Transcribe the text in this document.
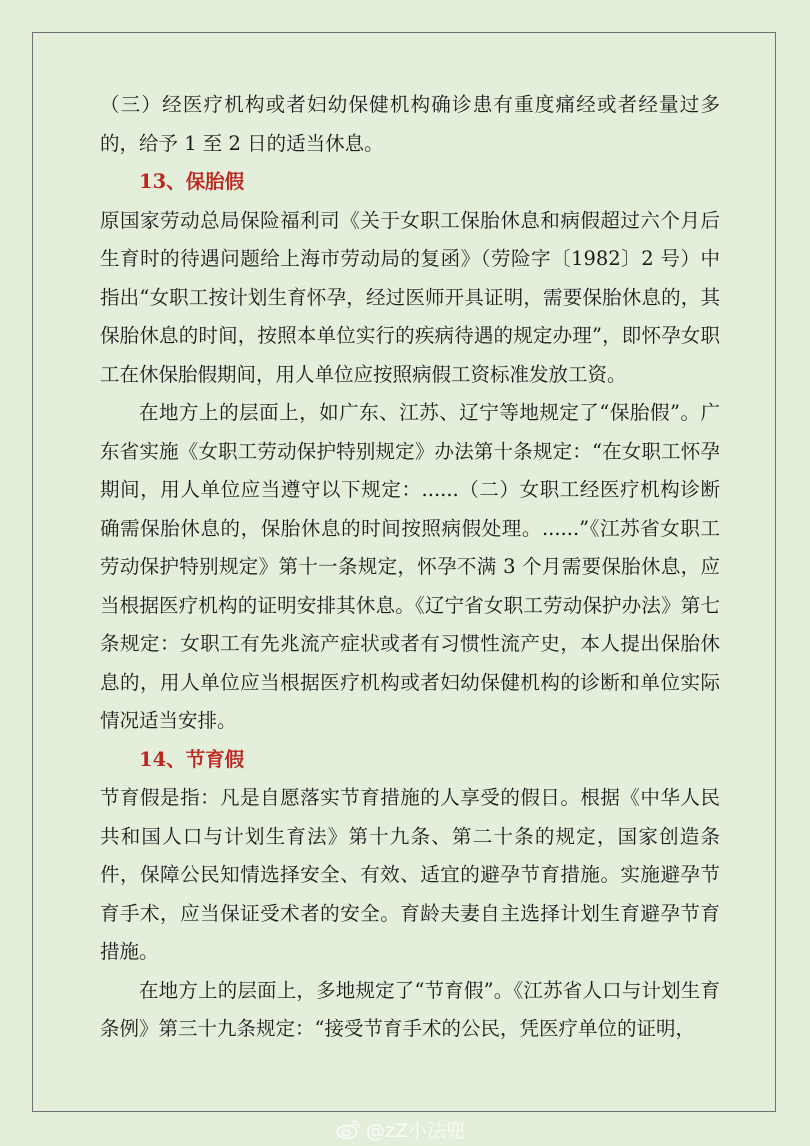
（三）经医疗机构或者妇幼保健机构确诊患有重度痛经或者经量过多的，给予 1 至 2 日的适当休息。

13、保胎假

原国家劳动总局保险福利司《关于女职工保胎休息和病假超过六个月后生育时的待遇问题给上海市劳动局的复函》（劳险字〔1982〕2 号）中指出“女职工按计划生育怀孕，经过医师开具证明，需要保胎休息的，其保胎休息的时间，按照本单位实行的疾病待遇的规定办理”，即怀孕女职工在休保胎假期间，用人单位应按照病假工资标准发放工资。

在地方上的层面上，如广东、江苏、辽宁等地规定了“保胎假”。广东省实施《女职工劳动保护特别规定》办法第十条规定：“在女职工怀孕期间，用人单位应当遵守以下规定：......（二）女职工经医疗机构诊断确需保胎休息的，保胎休息的时间按照病假处理。......”《江苏省女职工劳动保护特别规定》第十一条规定，怀孕不满 3 个月需要保胎休息，应当根据医疗机构的证明安排其休息。《辽宁省女职工劳动保护办法》第七条规定：女职工有先兆流产症状或者有习惯性流产史，本人提出保胎休息的，用人单位应当根据医疗机构或者妇幼保健机构的诊断和单位实际情况适当安排。

14、节育假

节育假是指：凡是自愿落实节育措施的人享受的假日。根据《中华人民共和国人口与计划生育法》第十九条、第二十条的规定，国家创造条件，保障公民知情选择安全、有效、适宜的避孕节育措施。实施避孕节育手术，应当保证受术者的安全。育龄夫妻自主选择计划生育避孕节育措施。

在地方上的层面上，多地规定了“节育假”。《江苏省人口与计划生育条例》第三十九条规定：“接受节育手术的公民，凭医疗单位的证明，

@zZ小法兜
